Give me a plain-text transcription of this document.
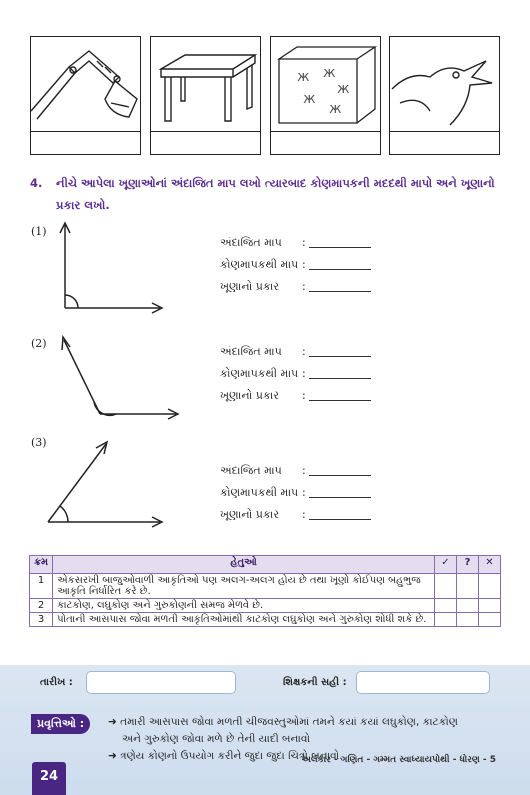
ж ж
ж
ж
ж
4. નીચે આપેલા ખૂણાઓનાં અંદાજિત માપ લખો ત્યારબાદ કોણમાપકની મદદથી માપો અને ખૂણાનો પ્રકાર લખો.
(1)
અંદાજિત માપ :
કોણમાપકથી માપ :
ખૂણાનો પ્રકાર :
(2)
અંદાજિત માપ :
કોણમાપકથી માપ :
ખૂણાનો પ્રકાર :
(3)
અંદાજિત માપ :
કોણમાપકથી માપ :
ખૂણાનો પ્રકાર :
ક્રમ	હેતુઓ	✓	?	✕
1	એકસરખી બાજુઓવાળી આકૃતિઓ પણ અલગ-અલગ હોય છે તથા ખૂણો કોઈપણ બહુભુજ આકૃતિ નિર્ધારિત કરે છે.			
2	કાટકોણ, લઘુકોણ અને ગુરુકોણની સમજ મેળવે છે.			
3	પોતાની આસપાસ જોવા મળતી આકૃતિઓમાંથી કાટકોણ લઘુકોણ અને ગુરુકોણ શોધી શકે છે.			
તારીખ :	શિક્ષકની સહી :
પ્રવૃત્તિઓ :	➜ તમારી આસપાસ જોવા મળતી ચીજવસ્તુઓમાં તમને કયાં કયાં લઘુકોણ, કાટકોણ
અને ગુરુકોણ જોવા મળે છે તેની યાદી બનાવો
➜ ત્રણેય કોણનો ઉપયોગ કરીને જુદા જુદા ચિત્રો બનાવો.
અલંકાર - ગણિત - ગમ્મત સ્વાધ્યાયપોથી - ધોરણ - 5
24
